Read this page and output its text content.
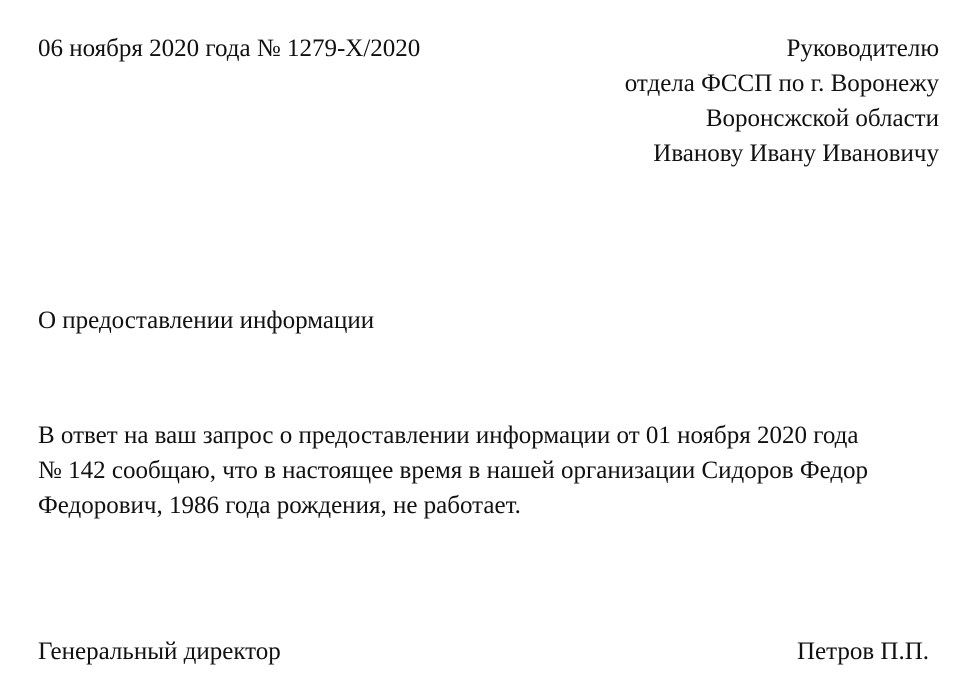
06 ноября 2020 года № 1279-Х/2020	Руководителю
отдела ФССП по г. Воронежу
Воронсжской области
Иванову Ивану Ивановичу
О предоставлении информации
В ответ на ваш запрос о предоставлении информации от 01 ноября 2020 года
№ 142 сообщаю, что в настоящее время в нашей организации Сидоров Федор
Федорович, 1986 года рождения, не работает.
Генеральный директор	Петров П.П.
